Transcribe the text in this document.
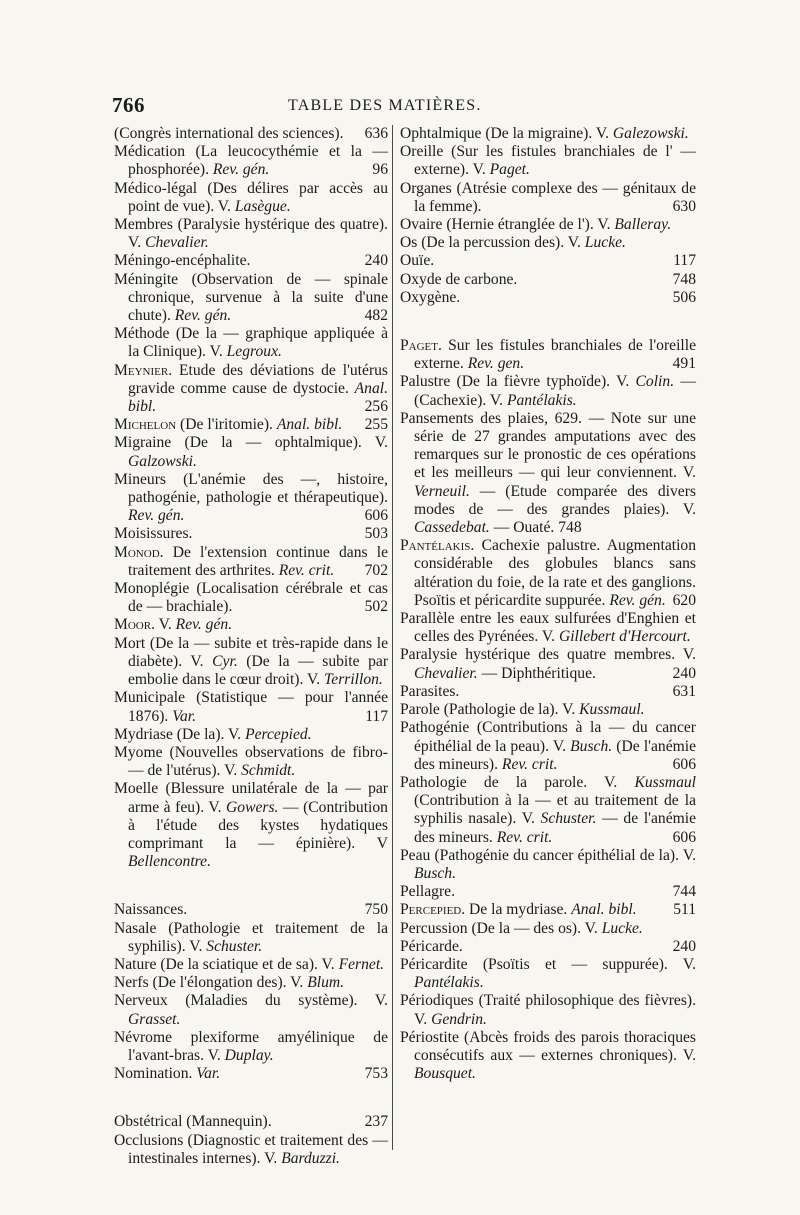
766	TABLE DES MATIÈRES.

(Congrès international des sciences). 636

Médication (La leucocythémie et la — phosphorée). Rev. gén.	96

Médico-légal (Des délires par accès au point de vue). V. Lasègue.

Membres (Paralysie hystérique des quatre). V. Chevalier.

Méningo-encéphalite.	240

Méningite (Observation de — spinale chronique, survenue à la suite d'une chute). Rev. gén.	482

Méthode (De la — graphique appliquée à la Clinique). V. Legroux.

Meynier. Etude des déviations de l'utérus gravide comme cause de dystocie. Anal. bibl.	256

Michelon (De l'iritomie). Anal. bibl. 255

Migraine (De la — ophtalmique). V. Galzowski.

Mineurs (L'anémie des —, histoire, pathogénie, pathologie et thérapeutique). Rev. gén.	606

Moisissures.	503

Monod. De l'extension continue dans le traitement des arthrites. Rev. crit. 702

Monoplégie (Localisation cérébrale et cas de — brachiale).	502

Moor. V. Rev. gén.

Mort (De la — subite et très-rapide dans le diabète). V. Cyr. (De la — subite par embolie dans le cœur droit). V. Terrillon.

Municipale (Statistique — pour l'année 1876). Var.	117

Mydriase (De la). V. Percepied.

Myome (Nouvelles observations de fibro- — de l'utérus). V. Schmidt.

Moelle (Blessure unilatérale de la — par arme à feu). V. Gowers. — (Contribution à l'étude des kystes hydatiques comprimant la — épinière). V Bellencontre.

Naissances.	750

Nasale (Pathologie et traitement de la syphilis). V. Schuster.

Nature (De la sciatique et de sa). V. Fernet.

Nerfs (De l'élongation des). V. Blum.

Nerveux (Maladies du système). V. Grasset.

Névrome plexiforme amyélinique de l'avant-bras. V. Duplay.

Nomination. Var.	753

Obstétrical (Mannequin).	237

Occlusions (Diagnostic et traitement des — intestinales internes). V. Barduzzi.

Ophtalmique (De la migraine). V. Galezowski.

Oreille (Sur les fistules branchiales de l' — externe). V. Paget.

Organes (Atrésie complexe des — génitaux de la femme).	630

Ovaire (Hernie étranglée de l'). V. Balleray.

Os (De la percussion des). V. Lucke.

Ouïe.	117

Oxyde de carbone.	748

Oxygène.	506

Paget. Sur les fistules branchiales de l'oreille externe. Rev. gen.	491

Palustre (De la fièvre typhoïde). V. Colin. — (Cachexie). V. Pantélakis.

Pansements des plaies, 629. — Note sur une série de 27 grandes amputations avec des remarques sur le pronostic de ces opérations et les meilleurs — qui leur conviennent. V. Verneuil. — (Etude comparée des divers modes de — des grandes plaies). V. Cassedebat. — Ouaté. 748

Pantélakis. Cachexie palustre. Augmentation considérable des globules blancs sans altération du foie, de la rate et des ganglions. Psoïtis et péricardite suppurée. Rev. gén. 620

Parallèle entre les eaux sulfurées d'Enghien et celles des Pyrénées. V. Gillebert d'Hercourt.

Paralysie hystérique des quatre membres. V. Chevalier. — Diphthéritique.	240

Parasites.	631

Parole (Pathologie de la). V. Kussmaul.

Pathogénie (Contributions à la — du cancer épithélial de la peau). V. Busch. (De l'anémie des mineurs). Rev. crit.	606

Pathologie de la parole. V. Kussmaul (Contribution à la — et au traitement de la syphilis nasale). V. Schuster. — de l'anémie des mineurs. Rev. crit.	606

Peau (Pathogénie du cancer épithélial de la). V. Busch.

Pellagre.	744

Percepied. De la mydriase. Anal. bibl. 511

Percussion (De la — des os). V. Lucke.

Péricarde.	240

Péricardite (Psoïtis et — suppurée). V. Pantélakis.

Périodiques (Traité philosophique des fièvres). V. Gendrin.

Périostite (Abcès froids des parois thoraciques consécutifs aux — externes chroniques). V. Bousquet.
